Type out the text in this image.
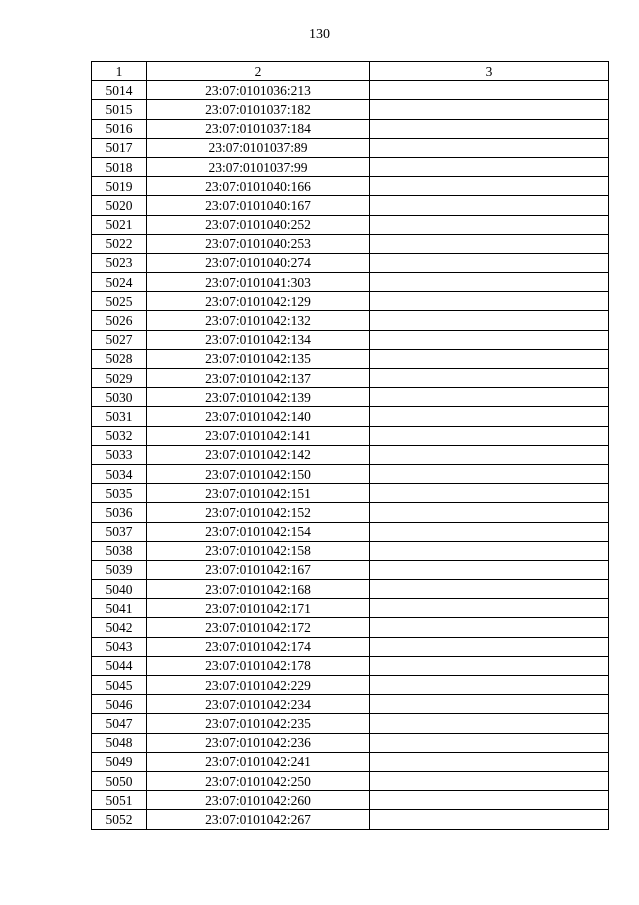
130
1	2	3
5014	23:07:0101036:213	
5015	23:07:0101037:182	
5016	23:07:0101037:184	
5017	23:07:0101037:89	
5018	23:07:0101037:99	
5019	23:07:0101040:166	
5020	23:07:0101040:167	
5021	23:07:0101040:252	
5022	23:07:0101040:253	
5023	23:07:0101040:274	
5024	23:07:0101041:303	
5025	23:07:0101042:129	
5026	23:07:0101042:132	
5027	23:07:0101042:134	
5028	23:07:0101042:135	
5029	23:07:0101042:137	
5030	23:07:0101042:139	
5031	23:07:0101042:140	
5032	23:07:0101042:141	
5033	23:07:0101042:142	
5034	23:07:0101042:150	
5035	23:07:0101042:151	
5036	23:07:0101042:152	
5037	23:07:0101042:154	
5038	23:07:0101042:158	
5039	23:07:0101042:167	
5040	23:07:0101042:168	
5041	23:07:0101042:171	
5042	23:07:0101042:172	
5043	23:07:0101042:174	
5044	23:07:0101042:178	
5045	23:07:0101042:229	
5046	23:07:0101042:234	
5047	23:07:0101042:235	
5048	23:07:0101042:236	
5049	23:07:0101042:241	
5050	23:07:0101042:250	
5051	23:07:0101042:260	
5052	23:07:0101042:267	
